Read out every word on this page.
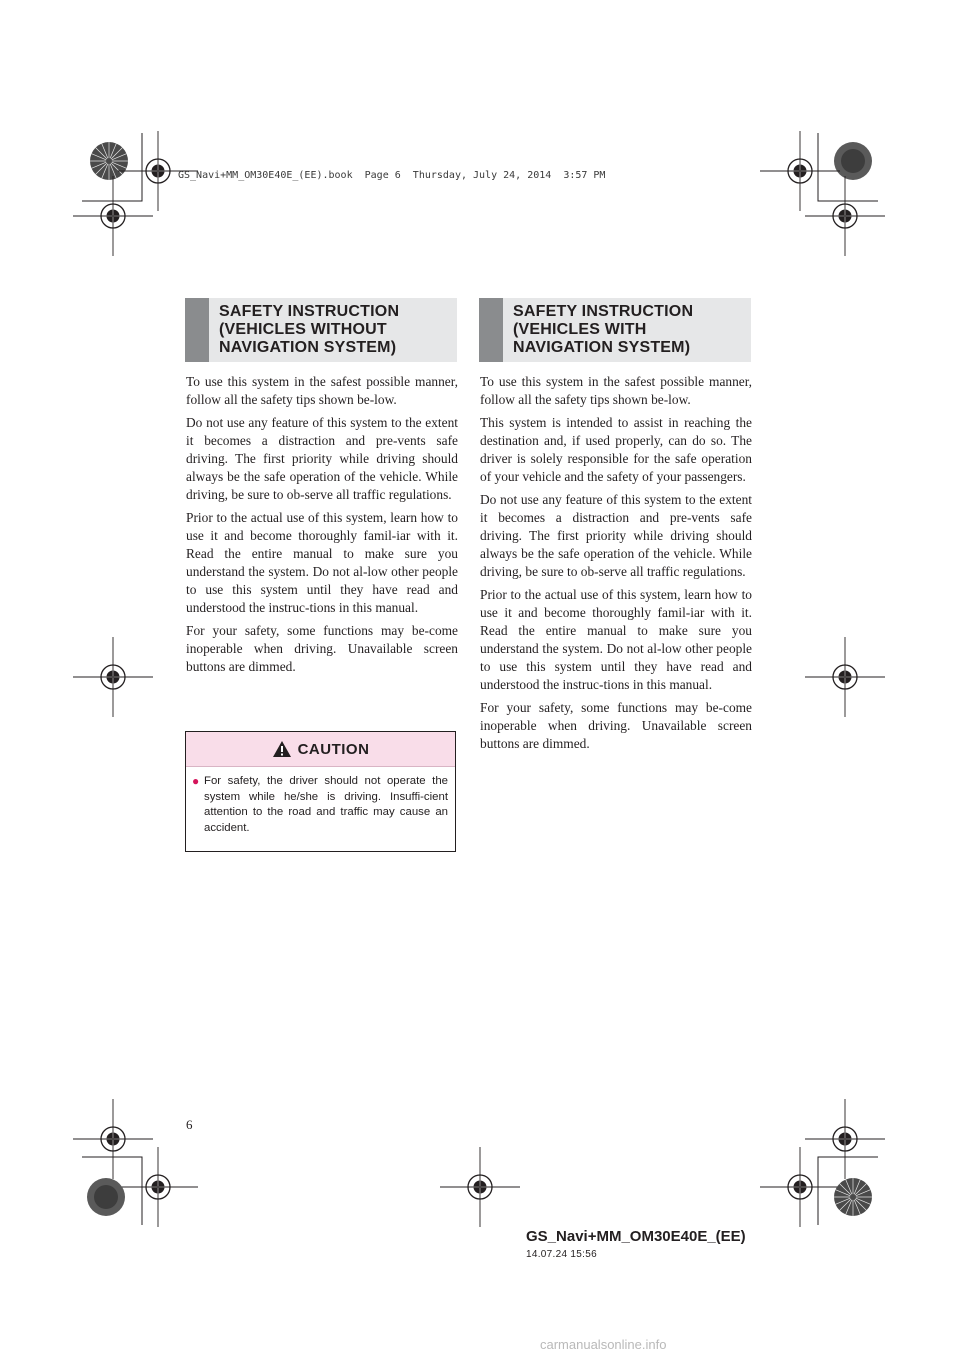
GS_Navi+MM_OM30E40E_(EE).book  Page 6  Thursday, July 24, 2014  3:57 PM
SAFETY INSTRUCTION
(VEHICLES WITHOUT
NAVIGATION SYSTEM)

To use this system in the safest possible manner, follow all the safety tips shown be-low.

Do not use any feature of this system to the extent it becomes a distraction and pre-vents safe driving. The first priority while driving should always be the safe operation of the vehicle. While driving, be sure to ob-serve all traffic regulations.

Prior to the actual use of this system, learn how to use it and become thoroughly famil-iar with it. Read the entire manual to make sure you understand the system. Do not al-low other people to use this system until they have read and understood the instruc-tions in this manual.

For your safety, some functions may be-come inoperable when driving. Unavailable screen buttons are dimmed.

CAUTION
● For safety, the driver should not operate the system while he/she is driving. Insuffi-cient attention to the road and traffic may cause an accident.
SAFETY INSTRUCTION
(VEHICLES WITH
NAVIGATION SYSTEM)

To use this system in the safest possible manner, follow all the safety tips shown be-low.

This system is intended to assist in reaching the destination and, if used properly, can do so. The driver is solely responsible for the safe operation of your vehicle and the safety of your passengers.

Do not use any feature of this system to the extent it becomes a distraction and pre-vents safe driving. The first priority while driving should always be the safe operation of the vehicle. While driving, be sure to ob-serve all traffic regulations.

Prior to the actual use of this system, learn how to use it and become thoroughly famil-iar with it. Read the entire manual to make sure you understand the system. Do not al-low other people to use this system until they have read and understood the instruc-tions in this manual.

For your safety, some functions may be-come inoperable when driving. Unavailable screen buttons are dimmed.

6
GS_Navi+MM_OM30E40E_(EE)
14.07.24 15:56
carmanualsonline.info
